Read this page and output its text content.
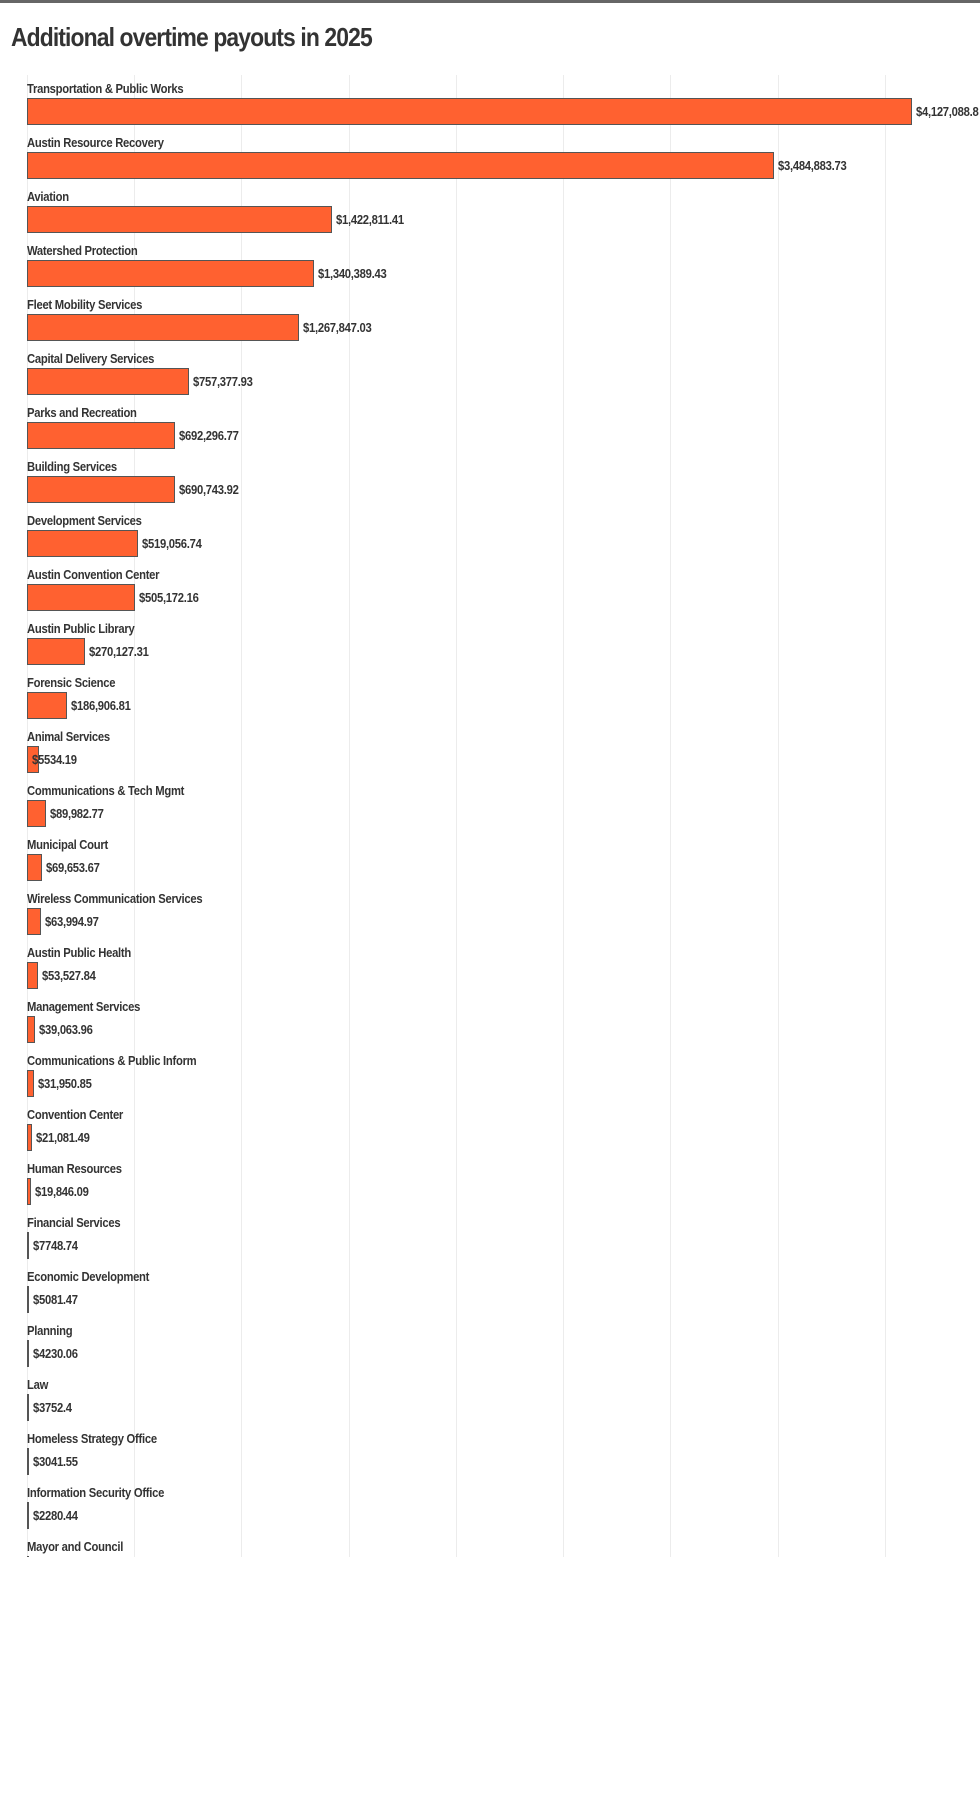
Additional overtime payouts in 2025
Transportation & Public Works
$4,127,088.8
Austin Resource Recovery
$3,484,883.73
Aviation
$1,422,811.41
Watershed Protection
$1,340,389.43
Fleet Mobility Services
$1,267,847.03
Capital Delivery Services
$757,377.93
Parks and Recreation
$692,296.77
Building Services
$690,743.92
Development Services
$519,056.74
Austin Convention Center
$505,172.16
Austin Public Library
$270,127.31
Forensic Science
$186,906.81
Animal Services
$5534.19
Communications & Tech Mgmt
$89,982.77
Municipal Court
$69,653.67
Wireless Communication Services
$63,994.97
Austin Public Health
$53,527.84
Management Services
$39,063.96
Communications & Public Inform
$31,950.85
Convention Center
$21,081.49
Human Resources
$19,846.09
Financial Services
$7748.74
Economic Development
$5081.47
Planning
$4230.06
Law
$3752.4
Homeless Strategy Office
$3041.55
Information Security Office
$2280.44
Mayor and Council
